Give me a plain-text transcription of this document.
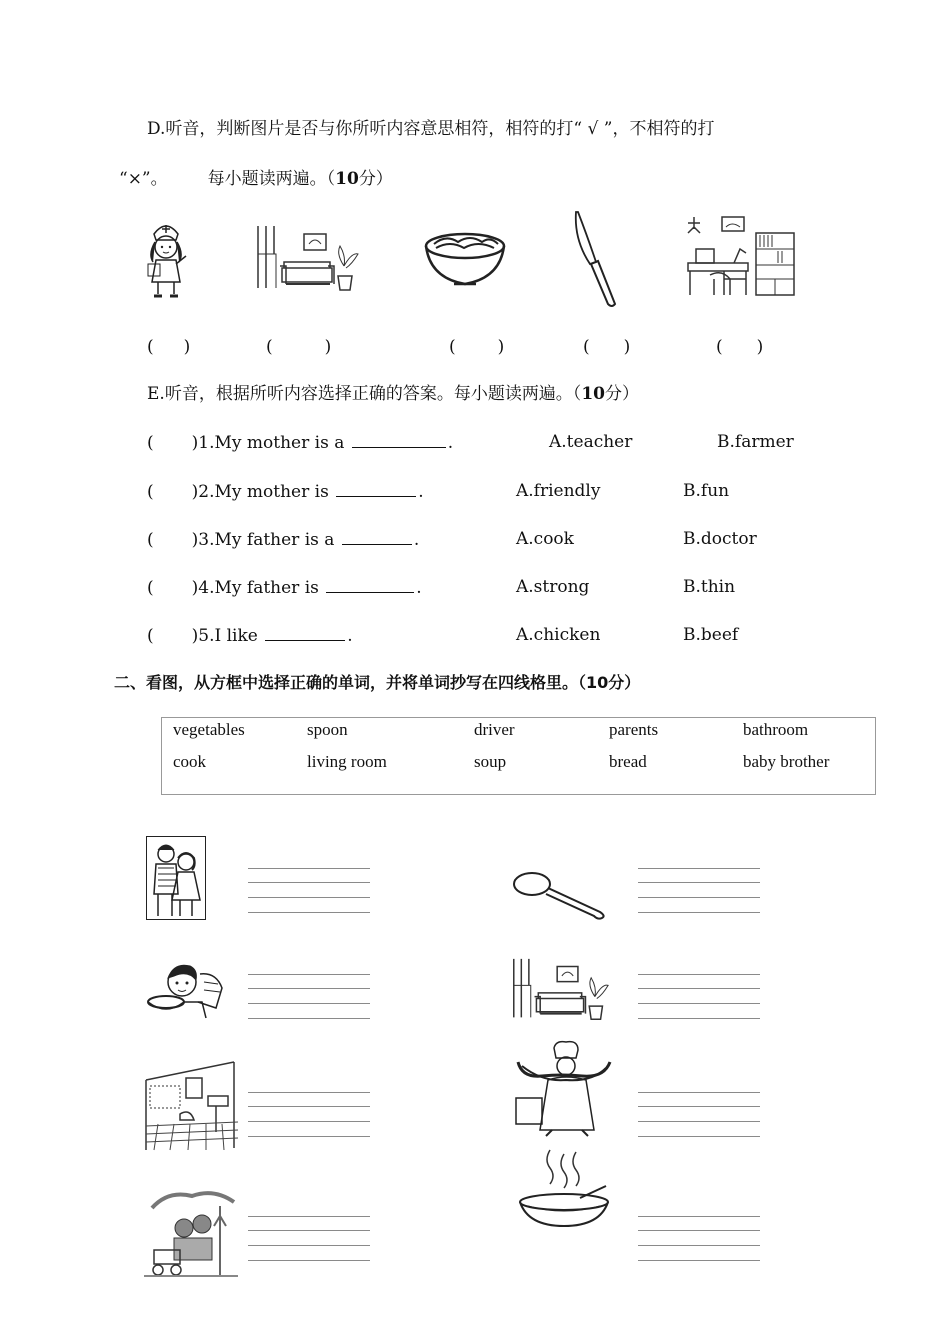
D.听音，判断图片是否与你所听内容意思相符，相符的打“ √ ”，不相符的打
“×”。 每小题读两遍。（10分）
( )	(	)	( )	( )	( )
E.听音，根据所听内容选择正确的答案。每小题读两遍。（10分）
( )1.My mother is a	.	A.teacher	B.farmer
( )2.My mother is	.	A.friendly	B.fun
( )3.My father is a	.	A.cook	B.doctor
( )4.My father is	.	A.strong	B.thin
( )5.I like	.	A.chicken	B.beef
二、看图，从方框中选择正确的单词，并将单词抄写在四线格里。（10分）
vegetables	spoon	driver	parents	bathroom
cook	living room	soup	bread	baby brother
